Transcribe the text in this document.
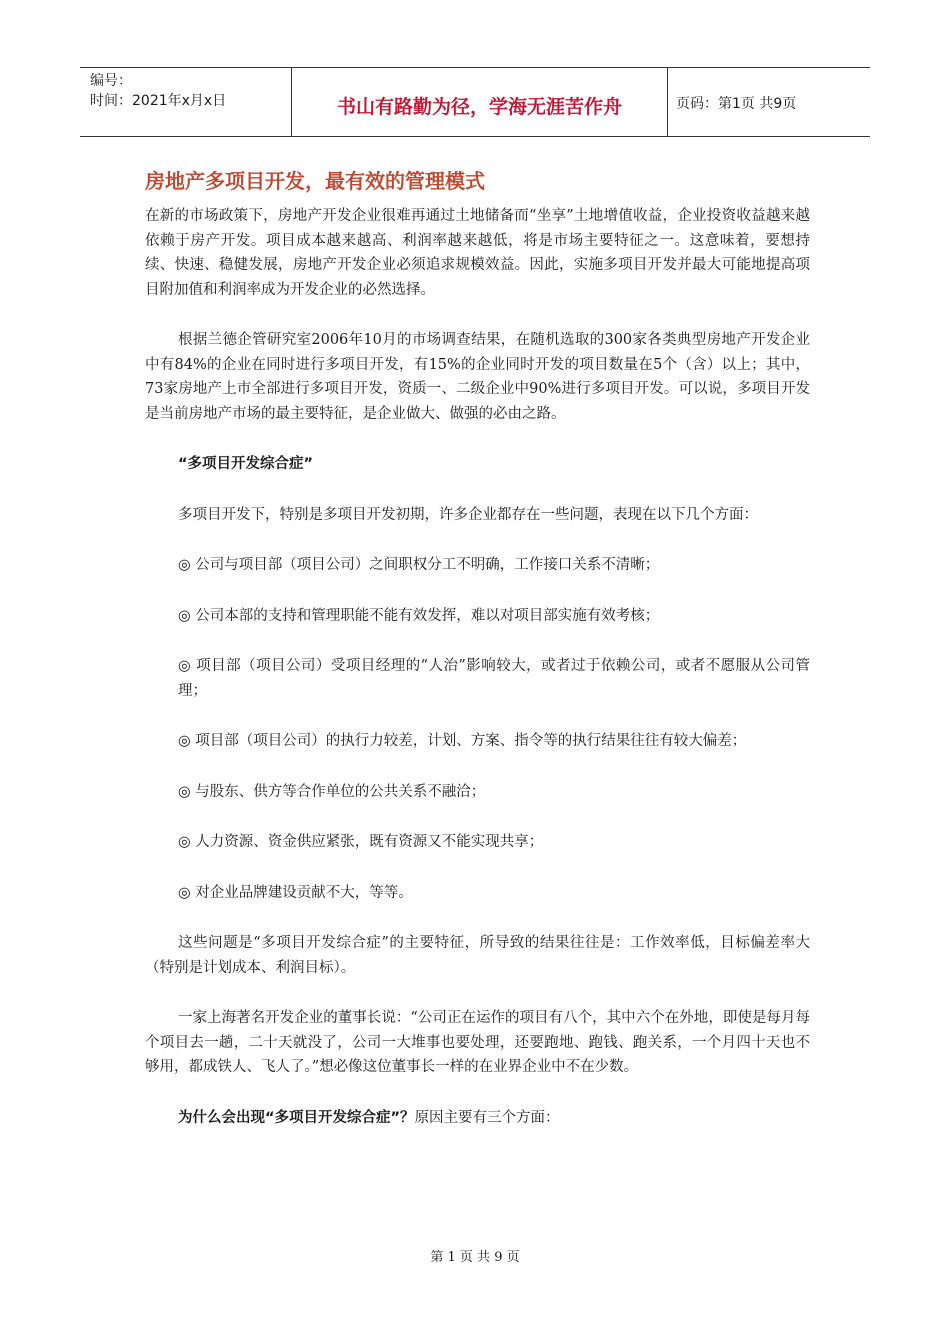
编号：
时间：2021年x月x日	书山有路勤为径，学海无涯苦作舟	页码：第1页 共9页
房地产多项目开发，最有效的管理模式

在新的市场政策下，房地产开发企业很难再通过土地储备而“坐享”土地增值收益，企业投资收益越来越依赖于房产开发。项目成本越来越高、利润率越来越低，将是市场主要特征之一。这意味着，要想持续、快速、稳健发展，房地产开发企业必须追求规模效益。因此，实施多项目开发并最大可能地提高项目附加值和利润率成为开发企业的必然选择。

根据兰德企管研究室2006年10月的市场调查结果，在随机选取的300家各类典型房地产开发企业中有84%的企业在同时进行多项目开发，有15%的企业同时开发的项目数量在5个（含）以上；其中，73家房地产上市全部进行多项目开发，资质一、二级企业中90%进行多项目开发。可以说，多项目开发是当前房地产市场的最主要特征，是企业做大、做强的必由之路。

“多项目开发综合症”

多项目开发下，特别是多项目开发初期，许多企业都存在一些问题，表现在以下几个方面：

◎ 公司与项目部（项目公司）之间职权分工不明确，工作接口关系不清晰；

◎ 公司本部的支持和管理职能不能有效发挥，难以对项目部实施有效考核；

◎ 项目部（项目公司）受项目经理的“人治”影响较大，或者过于依赖公司，或者不愿服从公司管理；

◎ 项目部（项目公司）的执行力较差，计划、方案、指令等的执行结果往往有较大偏差；

◎ 与股东、供方等合作单位的公共关系不融洽；

◎ 人力资源、资金供应紧张，既有资源又不能实现共享；

◎ 对企业品牌建设贡献不大，等等。

这些问题是“多项目开发综合症”的主要特征，所导致的结果往往是：工作效率低，目标偏差率大（特别是计划成本、利润目标）。

一家上海著名开发企业的董事长说：“公司正在运作的项目有八个，其中六个在外地，即使是每月每个项目去一趟，二十天就没了，公司一大堆事也要处理，还要跑地、跑钱、跑关系，一个月四十天也不够用，都成铁人、飞人了。”想必像这位董事长一样的在业界企业中不在少数。

为什么会出现“多项目开发综合症”？原因主要有三个方面：

第 1 页 共 9 页
